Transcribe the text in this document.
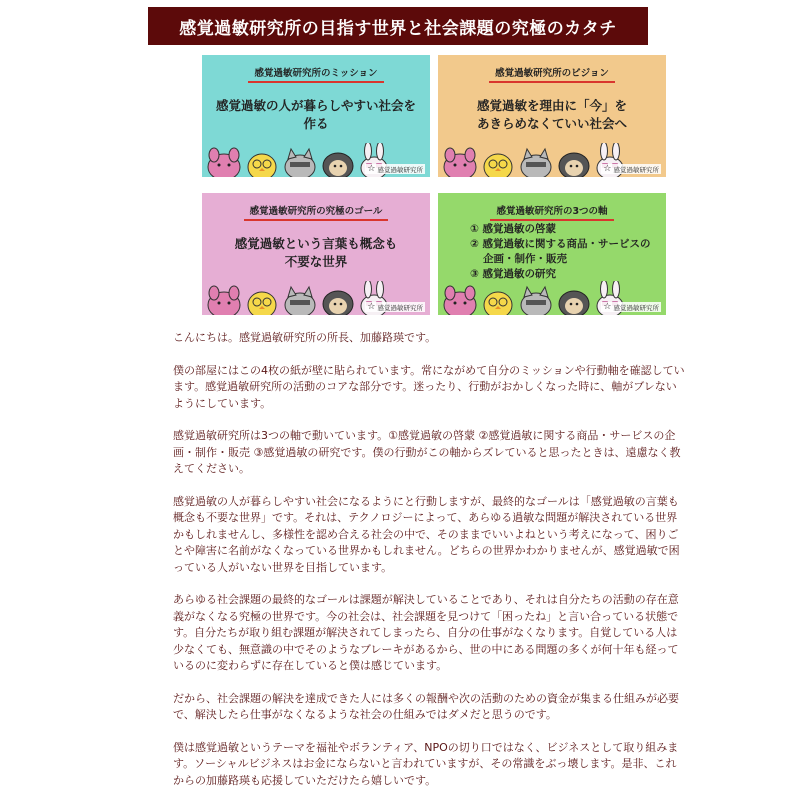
感覚過敏研究所の目指す世界と社会課題の究極のカタチ
感覚過敏研究所のミッション
感覚過敏の人が暮らしやすい社会を作る
☆ 感覚過敏研究所
感覚過敏研究所のビジョン
感覚過敏を理由に「今」を
あきらめなくていい社会へ
☆ 感覚過敏研究所
感覚過敏研究所の究極のゴール
感覚過敏という言葉も概念も
不要な世界
☆ 感覚過敏研究所
感覚過敏研究所の3つの軸
① 感覚過敏の啓蒙
② 感覚過敏に関する商品・サービスの
企画・制作・販売
③ 感覚過敏の研究
☆ 感覚過敏研究所

こんにちは。感覚過敏研究所の所長、加藤路瑛です。

僕の部屋にはこの4枚の紙が壁に貼られています。常にながめて自分のミッションや行動軸を確認しています。感覚過敏研究所の活動のコアな部分です。迷ったり、行動がおかしくなった時に、軸がブレないようにしています。

感覚過敏研究所は3つの軸で動いています。①感覚過敏の啓蒙 ②感覚過敏に関する商品・サービスの企画・制作・販売 ③感覚過敏の研究です。僕の行動がこの軸からズレていると思ったときは、遠慮なく教えてください。

感覚過敏の人が暮らしやすい社会になるようにと行動しますが、最終的なゴールは「感覚過敏の言葉も概念も不要な世界」です。それは、テクノロジーによって、あらゆる過敏な問題が解決されている世界かもしれませんし、多様性を認め合える社会の中で、そのままでいいよねという考えになって、困りごとや障害に名前がなくなっている世界かもしれません。どちらの世界かわかりませんが、感覚過敏で困っている人がいない世界を目指しています。

あらゆる社会課題の最終的なゴールは課題が解決していることであり、それは自分たちの活動の存在意義がなくなる究極の世界です。今の社会は、社会課題を見つけて「困ったね」と言い合っている状態です。自分たちが取り組む課題が解決されてしまったら、自分の仕事がなくなります。自覚している人は少なくても、無意識の中でそのようなブレーキがあるから、世の中にある問題の多くが何十年も経っているのに変わらずに存在していると僕は感じています。

だから、社会課題の解決を達成できた人には多くの報酬や次の活動のための資金が集まる仕組みが必要で、解決したら仕事がなくなるような社会の仕組みではダメだと思うのです。

僕は感覚過敏というテーマを福祉やボランティア、NPOの切り口ではなく、ビジネスとして取り組みます。ソーシャルビジネスはお金にならないと言われていますが、その常識をぶっ壊します。是非、これからの加藤路瑛も応援していただけたら嬉しいです。
